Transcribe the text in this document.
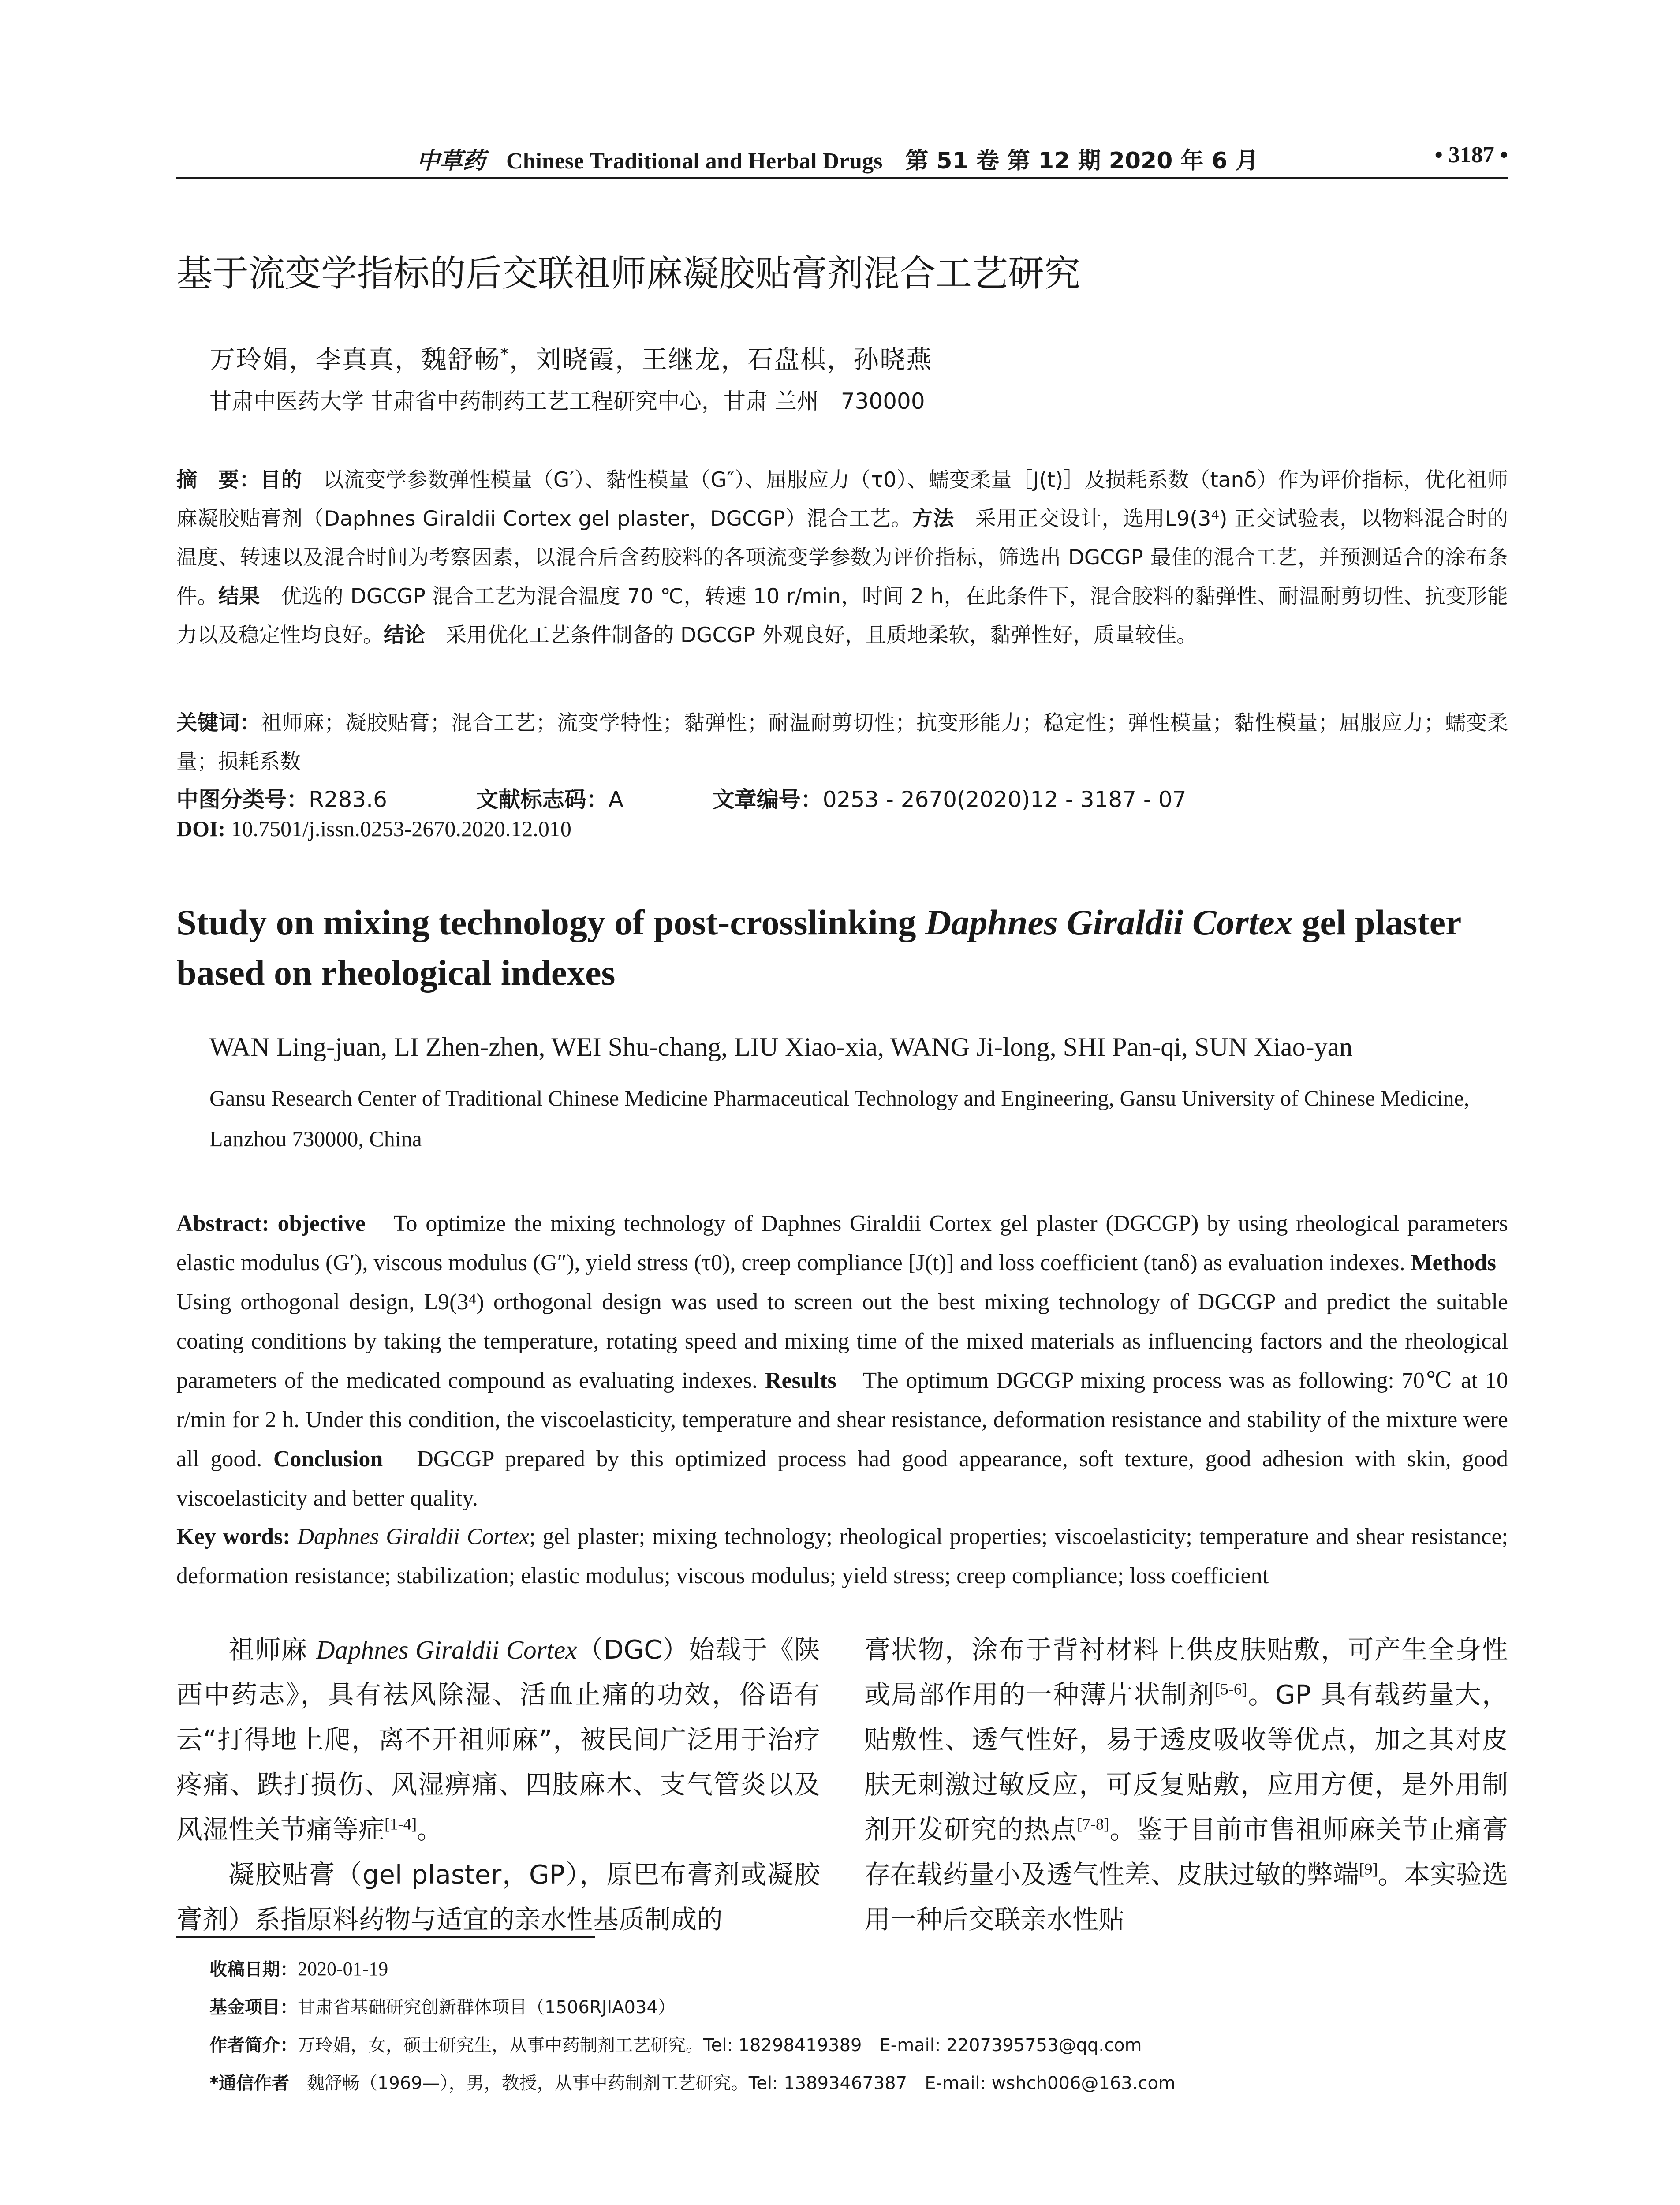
中草药 Chinese Traditional and Herbal Drugs 第 51 卷 第 12 期 2020 年 6 月	• 3187 •
基于流变学指标的后交联祖师麻凝胶贴膏剂混合工艺研究
万玲娟，李真真，魏舒畅*，刘晓霞，王继龙，石盘棋，孙晓燕
甘肃中医药大学 甘肃省中药制药工艺工程研究中心，甘肃 兰州　730000
摘　要：目的　以流变学参数弹性模量（G′）、黏性模量（G″）、屈服应力（τ0）、蠕变柔量［J(t)］及损耗系数（tanδ）作为评价指标，优化祖师麻凝胶贴膏剂（Daphnes Giraldii Cortex gel plaster，DGCGP）混合工艺。方法　采用正交设计，选用L9(3⁴) 正交试验表，以物料混合时的温度、转速以及混合时间为考察因素，以混合后含药胶料的各项流变学参数为评价指标，筛选出 DGCGP 最佳的混合工艺，并预测适合的涂布条件。结果　优选的 DGCGP 混合工艺为混合温度 70 ℃，转速 10 r/min，时间 2 h，在此条件下，混合胶料的黏弹性、耐温耐剪切性、抗变形能力以及稳定性均良好。结论　采用优化工艺条件制备的 DGCGP 外观良好，且质地柔软，黏弹性好，质量较佳。
关键词：祖师麻；凝胶贴膏；混合工艺；流变学特性；黏弹性；耐温耐剪切性；抗变形能力；稳定性；弹性模量；黏性模量；屈服应力；蠕变柔量；损耗系数
中图分类号：R283.6	文献标志码：A	文章编号：0253 - 2670(2020)12 - 3187 - 07
DOI: 10.7501/j.issn.0253-2670.2020.12.010
Study on mixing technology of post-crosslinking Daphnes Giraldii Cortex gel plaster based on rheological indexes
WAN Ling-juan, LI Zhen-zhen, WEI Shu-chang, LIU Xiao-xia, WANG Ji-long, SHI Pan-qi, SUN Xiao-yan
Gansu Research Center of Traditional Chinese Medicine Pharmaceutical Technology and Engineering, Gansu University of Chinese Medicine, Lanzhou 730000, China
Abstract: objective　To optimize the mixing technology of Daphnes Giraldii Cortex gel plaster (DGCGP) by using rheological parameters elastic modulus (G′), viscous modulus (G″), yield stress (τ0), creep compliance [J(t)] and loss coefficient (tanδ) as evaluation indexes. Methods　Using orthogonal design, L9(3⁴) orthogonal design was used to screen out the best mixing technology of DGCGP and predict the suitable coating conditions by taking the temperature, rotating speed and mixing time of the mixed materials as influencing factors and the rheological parameters of the medicated compound as evaluating indexes. Results　The optimum DGCGP mixing process was as following: 70℃ at 10 r/min for 2 h. Under this condition, the viscoelasticity, temperature and shear resistance, deformation resistance and stability of the mixture were all good. Conclusion　DGCGP prepared by this optimized process had good appearance, soft texture, good adhesion with skin, good viscoelasticity and better quality.
Key words: Daphnes Giraldii Cortex; gel plaster; mixing technology; rheological properties; viscoelasticity; temperature and shear resistance; deformation resistance; stabilization; elastic modulus; viscous modulus; yield stress; creep compliance; loss coefficient

祖师麻 Daphnes Giraldii Cortex（DGC）始载于《陕西中药志》，具有祛风除湿、活血止痛的功效，俗语有云“打得地上爬，离不开祖师麻”，被民间广泛用于治疗疼痛、跌打损伤、风湿痹痛、四肢麻木、支气管炎以及风湿性关节痛等症[1-4]。

凝胶贴膏（gel plaster，GP），原巴布膏剂或凝胶膏剂）系指原料药物与适宜的亲水性基质制成的

膏状物，涂布于背衬材料上供皮肤贴敷，可产生全身性或局部作用的一种薄片状制剂[5-6]。GP 具有载药量大，贴敷性、透气性好，易于透皮吸收等优点，加之其对皮肤无刺激过敏反应，可反复贴敷，应用方便，是外用制剂开发研究的热点[7-8]。鉴于目前市售祖师麻关节止痛膏存在载药量小及透气性差、皮肤过敏的弊端[9]。本实验选用一种后交联亲水性贴

收稿日期：2020-01-19
基金项目：甘肃省基础研究创新群体项目（1506RJIA034）
作者简介：万玲娟，女，硕士研究生，从事中药制剂工艺研究。Tel: 18298419389　E-mail: 2207395753@qq.com
*通信作者　魏舒畅（1969—），男，教授，从事中药制剂工艺研究。Tel: 13893467387　E-mail: wshch006@163.com
